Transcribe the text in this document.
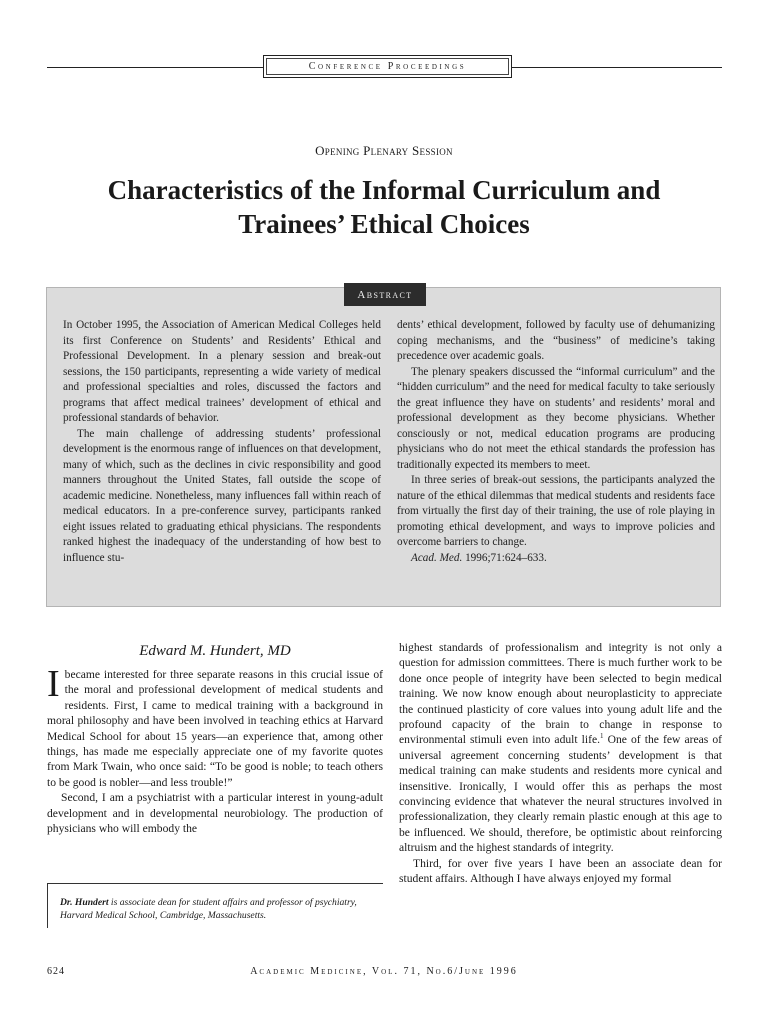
Conference Proceedings
Opening Plenary Session
Characteristics of the Informal Curriculum and Trainees’ Ethical Choices
Abstract

In October 1995, the Association of American Medical Colleges held its first Conference on Students’ and Residents’ Ethical and Professional Development. In a plenary session and break-out sessions, the 150 participants, representing a wide variety of medical and professional specialties and roles, discussed the factors and programs that affect medical trainees’ development of ethical and professional standards of behavior.

The main challenge of addressing students’ professional development is the enormous range of influences on that development, many of which, such as the declines in civic responsibility and good manners throughout the United States, fall outside the scope of academic medicine. Nonetheless, many influences fall within reach of medical educators. In a pre-conference survey, participants ranked eight issues related to graduating ethical physicians. The respondents ranked highest the inadequacy of the understanding of how best to influence stu-

dents’ ethical development, followed by faculty use of dehumanizing coping mechanisms, and the “business” of medicine’s taking precedence over academic goals.

The plenary speakers discussed the “informal curriculum” and the “hidden curriculum” and the need for medical faculty to take seriously the great influence they have on students’ and residents’ moral and professional development as they become physicians. Whether consciously or not, medical education programs are producing physicians who do not meet the ethical standards the profession has traditionally expected its members to meet.

In three series of break-out sessions, the participants analyzed the nature of the ethical dilemmas that medical students and residents face from virtually the first day of their training, the use of role playing in promoting ethical development, and ways to improve policies and overcome barriers to change.

Acad. Med. 1996;71:624–633.

Edward M. Hundert, MD

Ibecame interested for three separate reasons in this crucial issue of the moral and professional development of medical students and residents. First, I came to medical training with a background in moral philosophy and have been involved in teaching ethics at Harvard Medical School for about 15 years—an experience that, among other things, has made me especially appreciate one of my favorite quotes from Mark Twain, who once said: “To be good is noble; to teach others to be good is nobler—and less trouble!”

Second, I am a psychiatrist with a particular interest in young-adult development and in developmental neurobiology. The production of physicians who will embody the

Dr. Hundert is associate dean for student affairs and professor of psychiatry, Harvard Medical School, Cambridge, Massachusetts.

highest standards of professionalism and integrity is not only a question for admission committees. There is much further work to be done once people of integrity have been selected to begin medical training. We now know enough about neuroplasticity to appreciate the continued plasticity of core values into young adult life and the profound capacity of the brain to change in response to environmental stimuli even into adult life.$^1$ One of the few areas of universal agreement concerning students’ development is that medical training can make students and residents more cynical and insensitive. Ironically, I would offer this as perhaps the most convincing evidence that whatever the neural structures involved in professionalization, they clearly remain plastic enough at this age to be influenced. We should, therefore, be optimistic about reinforcing altruism and the highest standards of integrity.

Third, for over five years I have been an associate dean for student affairs. Although I have always enjoyed my formal

624	Academic Medicine, Vol. 71, No.6/June 1996
